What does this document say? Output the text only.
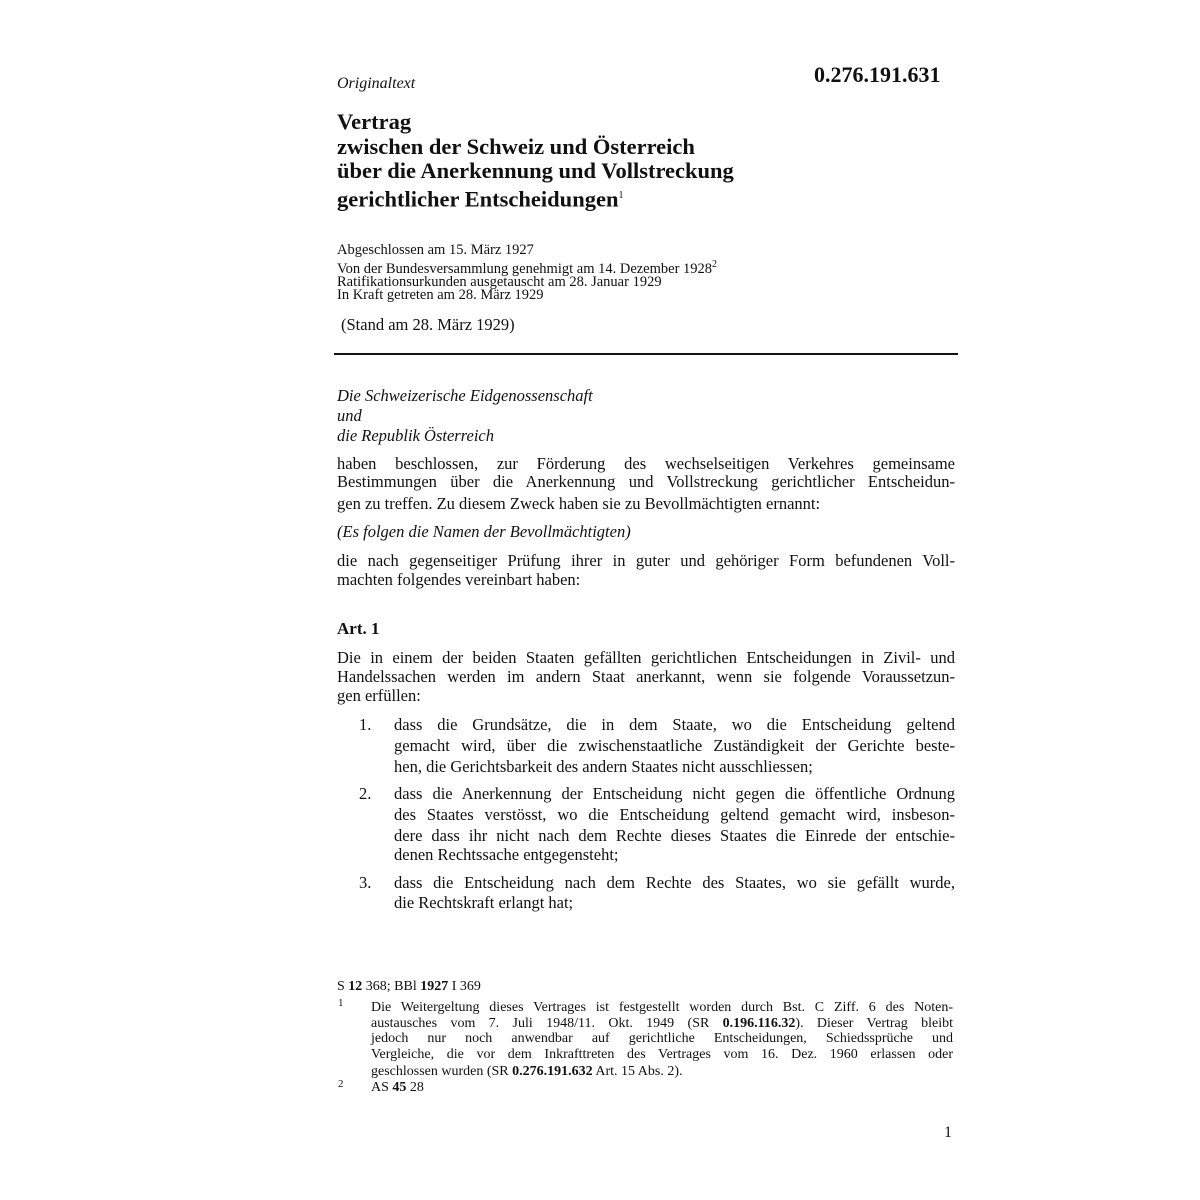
Originaltext	0.276.191.631
Vertrag
zwischen der Schweiz und Österreich
über die Anerkennung und Vollstreckung
gerichtlicher Entscheidungen$^1$
Abgeschlossen am 15. März 1927
Von der Bundesversammlung genehmigt am 14. Dezember 1928$^2$
Ratifikationsurkunden ausgetauscht am 28. Januar 1929
In Kraft getreten am 28. März 1929
(Stand am 28. März 1929)
Die Schweizerische Eidgenossenschaft
und
die Republik Österreich
haben beschlossen, zur Förderung des wechselseitigen Verkehres gemeinsame
Bestimmungen über die Anerkennung und Vollstreckung gerichtlicher Entscheidun-
gen zu treffen. Zu diesem Zweck haben sie zu Bevollmächtigten ernannt:
(Es folgen die Namen der Bevollmächtigten)
die nach gegenseitiger Prüfung ihrer in guter und gehöriger Form befundenen Voll-
machten folgendes vereinbart haben:
Art. 1
Die in einem der beiden Staaten gefällten gerichtlichen Entscheidungen in Zivil- und
Handelssachen werden im andern Staat anerkannt, wenn sie folgende Voraussetzun-
gen erfüllen:
1. dass die Grundsätze, die in dem Staate, wo die Entscheidung geltend
gemacht wird, über die zwischenstaatliche Zuständigkeit der Gerichte beste-
hen, die Gerichtsbarkeit des andern Staates nicht ausschliessen;
2. dass die Anerkennung der Entscheidung nicht gegen die öffentliche Ordnung
des Staates verstösst, wo die Entscheidung geltend gemacht wird, insbeson-
dere dass ihr nicht nach dem Rechte dieses Staates die Einrede der entschie-
denen Rechtssache entgegensteht;
3. dass die Entscheidung nach dem Rechte des Staates, wo sie gefällt wurde,
die Rechtskraft erlangt hat;
S 12 368; BBl 1927 I 369
1 Die Weitergeltung dieses Vertrages ist festgestellt worden durch Bst. C Ziff. 6 des Noten-
austausches vom 7. Juli 1948/11. Okt. 1949 (SR 0.196.116.32). Dieser Vertrag bleibt
jedoch nur noch anwendbar auf gerichtliche Entscheidungen, Schiedssprüche und
Vergleiche, die vor dem Inkrafttreten des Vertrages vom 16. Dez. 1960 erlassen oder
geschlossen wurden (SR 0.276.191.632 Art. 15 Abs. 2).
2 AS 45 28
1
